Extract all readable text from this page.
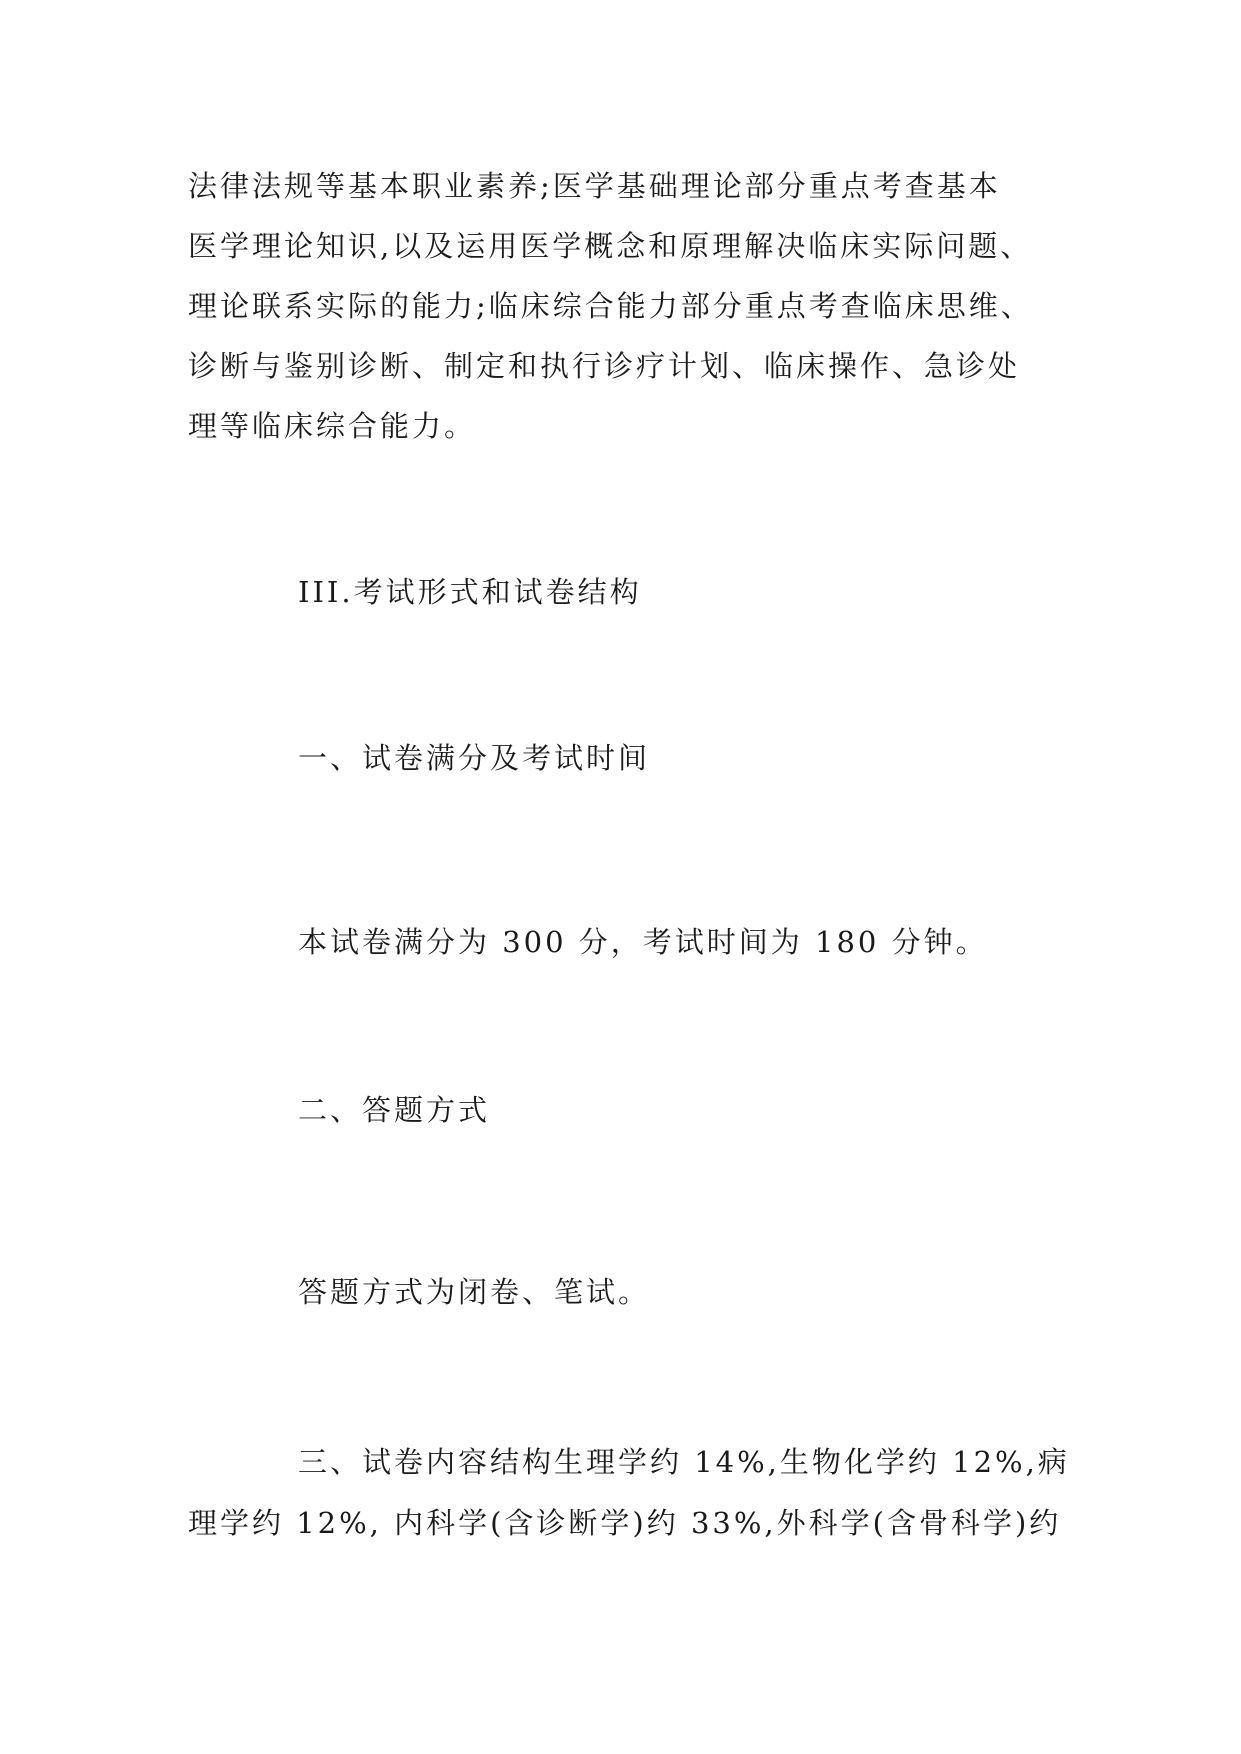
法律法规等基本职业素养;医学基础理论部分重点考查基本

医学理论知识,以及运用医学概念和原理解决临床实际问题、

理论联系实际的能力;临床综合能力部分重点考查临床思维、

诊断与鉴别诊断、制定和执行诊疗计划、临床操作、急诊处

理等临床综合能力。

III.考试形式和试卷结构

一、试卷满分及考试时间

本试卷满分为 300 分，考试时间为 180 分钟。

二、答题方式

答题方式为闭卷、笔试。

三、试卷内容结构生理学约 14%,生物化学约 12%,病

理学约 12%, 内科学(含诊断学)约 33%,外科学(含骨科学)约
